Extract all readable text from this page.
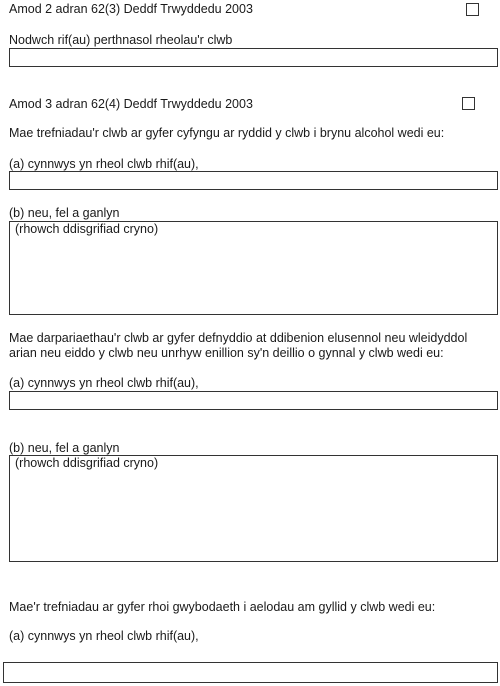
Amod 2 adran 62(3) Deddf Trwyddedu 2003
Nodwch rif(au) perthnasol rheolau'r clwb
Amod 3 adran 62(4) Deddf Trwyddedu 2003
Mae trefniadau'r clwb ar gyfer cyfyngu ar ryddid y clwb i brynu alcohol wedi eu:
(a) cynnwys yn rheol clwb rhif(au),
(b) neu, fel a ganlyn
(rhowch ddisgrifiad cryno)
Mae darpariaethau'r clwb ar gyfer defnyddio at ddibenion elusennol neu wleidyddol
arian neu eiddo y clwb neu unrhyw enillion sy'n deillio o gynnal y clwb wedi eu:
(a) cynnwys yn rheol clwb rhif(au),
(b) neu, fel a ganlyn
(rhowch ddisgrifiad cryno)
Mae'r trefniadau ar gyfer rhoi gwybodaeth i aelodau am gyllid y clwb wedi eu:
(a) cynnwys yn rheol clwb rhif(au),
